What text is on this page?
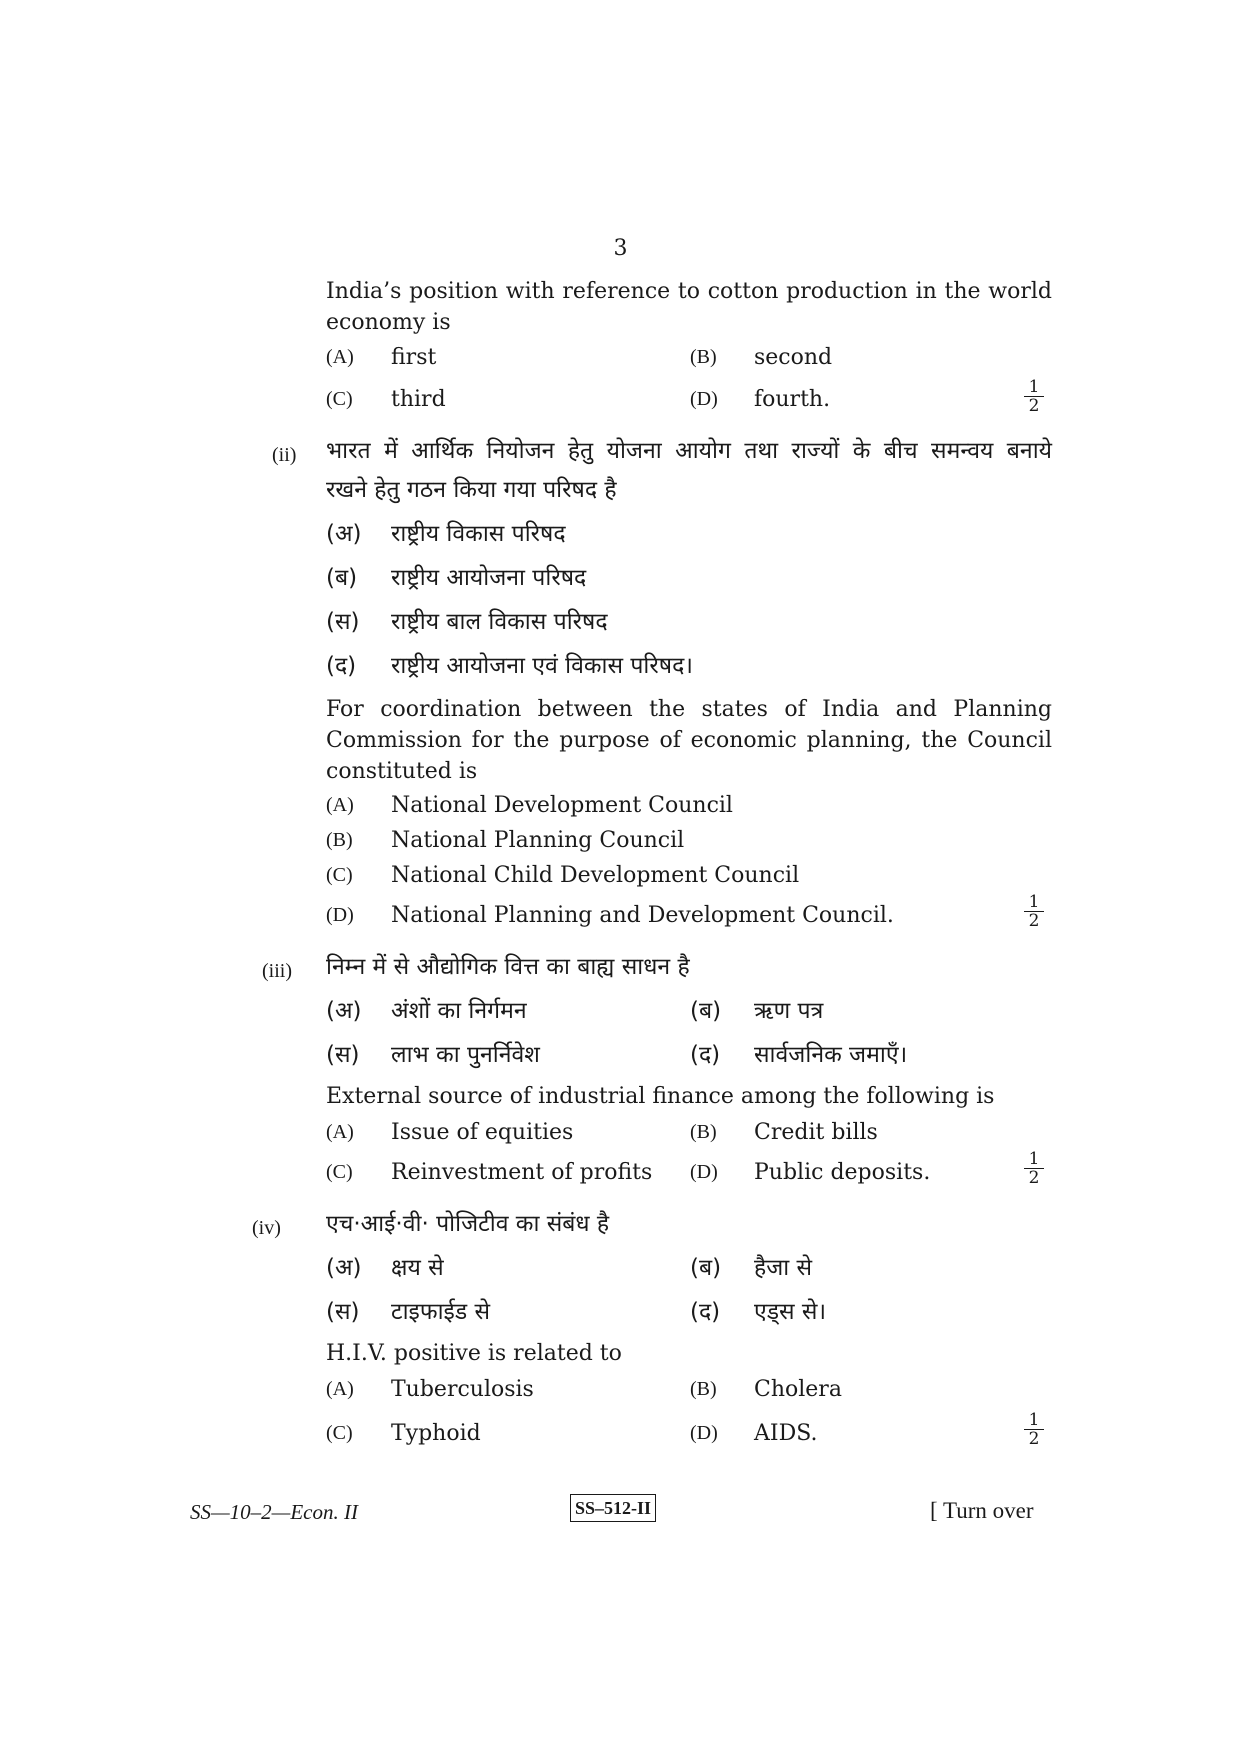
3
India’s position with reference to cotton production in the world economy is
(A) first	(B) second
(C) third	(D) fourth.	1
2
(ii) भारत में आर्थिक नियोजन हेतु योजना आयोग तथा राज्यों के बीच समन्वय बनाये
रखने हेतु गठन किया गया परिषद है
(अ) राष्ट्रीय विकास परिषद
(ब) राष्ट्रीय आयोजना परिषद
(स) राष्ट्रीय बाल विकास परिषद
(द) राष्ट्रीय आयोजना एवं विकास परिषद।
For coordination between the states of India and Planning Commission for the purpose of economic planning, the Council constituted is
(A) National Development Council
(B) National Planning Council
(C) National Child Development Council
(D) National Planning and Development Council.
1
2
(iii) निम्न में से औद्योगिक वित्त का बाह्य साधन है
(अ) अंशों का निर्गमन	(ब) ऋण पत्र
(स) लाभ का पुनर्निवेश	(द) सार्वजनिक जमाएँ।
External source of industrial finance among the following is
(A) Issue of equities	(B) Credit bills
(C) Reinvestment of profits (D) Public deposits.
1
2
(iv) एच·आई·वी· पोजिटीव का संबंध है
(अ) क्षय से	(ब) हैजा से
(स) टाइफाईड से	(द) एड्स से।
H.I.V. positive is related to
(A) Tuberculosis	(B) Cholera
(C) Typhoid	(D) AIDS.
1
2
SS—10–2—Econ. II	SS–512-II	[ Turn over
